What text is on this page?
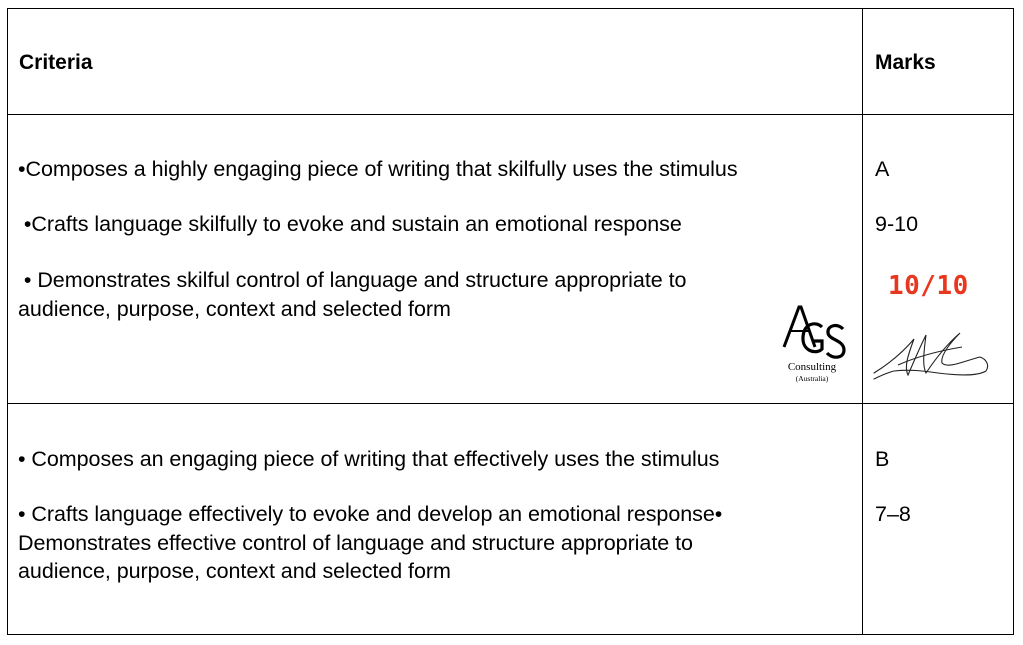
Criteria	Marks
•Composes a highly engaging piece of writing that skilfully uses the stimulus
•Crafts language skilfully to evoke and sustain an emotional response
• Demonstrates skilful control of language and structure appropriate to
audience, purpose, context and selected form
A
9-10
10/10
Consulting
(Australia)
• Composes an engaging piece of writing that effectively uses the stimulus
• Crafts language effectively to evoke and develop an emotional response•
Demonstrates effective control of language and structure appropriate to
audience, purpose, context and selected form
B
7–8
